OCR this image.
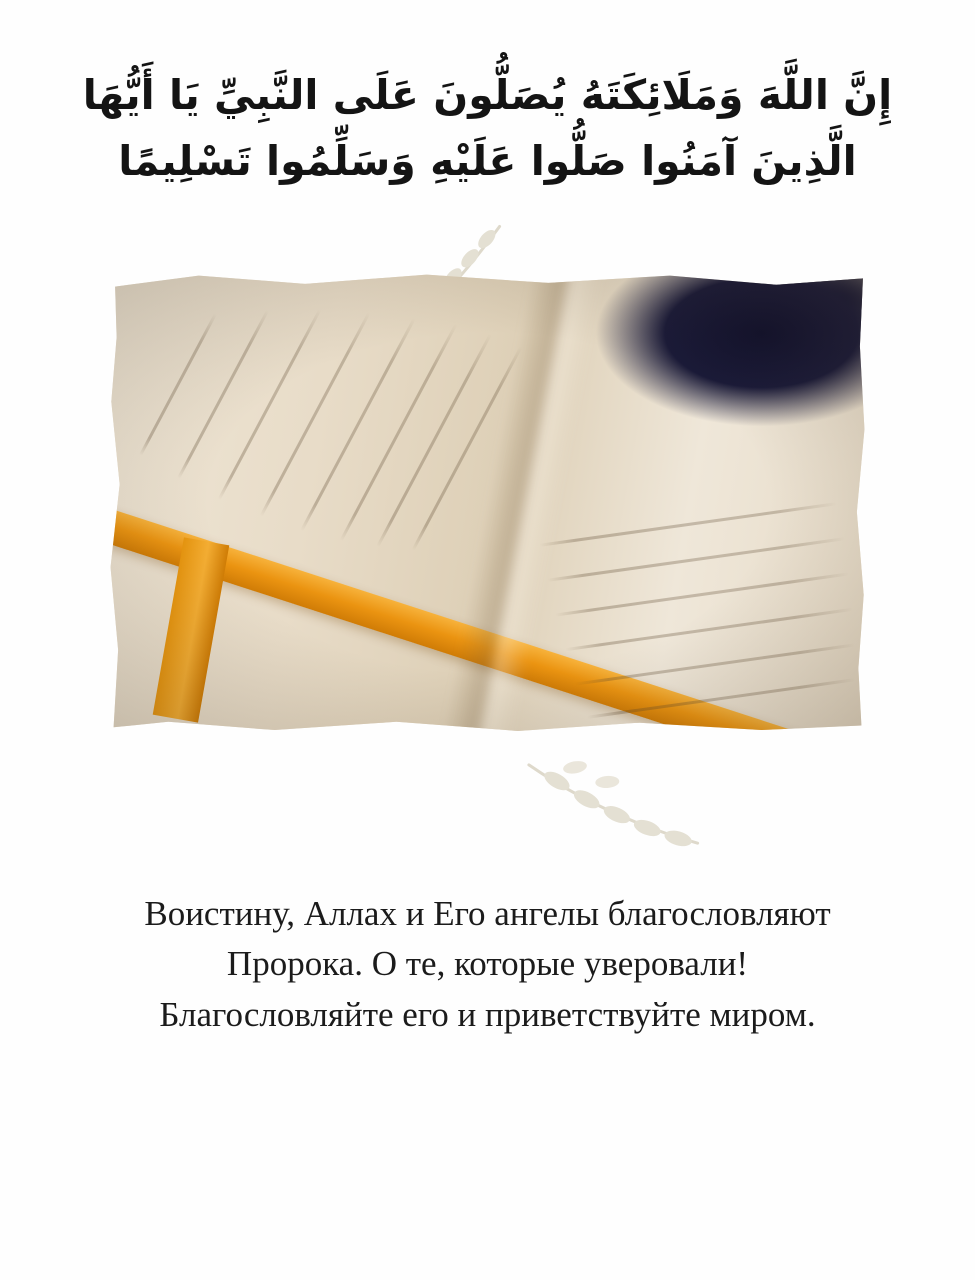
إِنَّ اللَّهَ وَمَلَائِكَتَهُ يُصَلُّونَ عَلَى النَّبِيِّ يَا أَيُّهَا الَّذِينَ آمَنُوا صَلُّوا عَلَيْهِ وَسَلِّمُوا تَسْلِيمًا
Воистину, Аллах и Его ангелы благословляют Пророка. О те, которые уверовали! Благословляйте его и приветствуйте миром.
